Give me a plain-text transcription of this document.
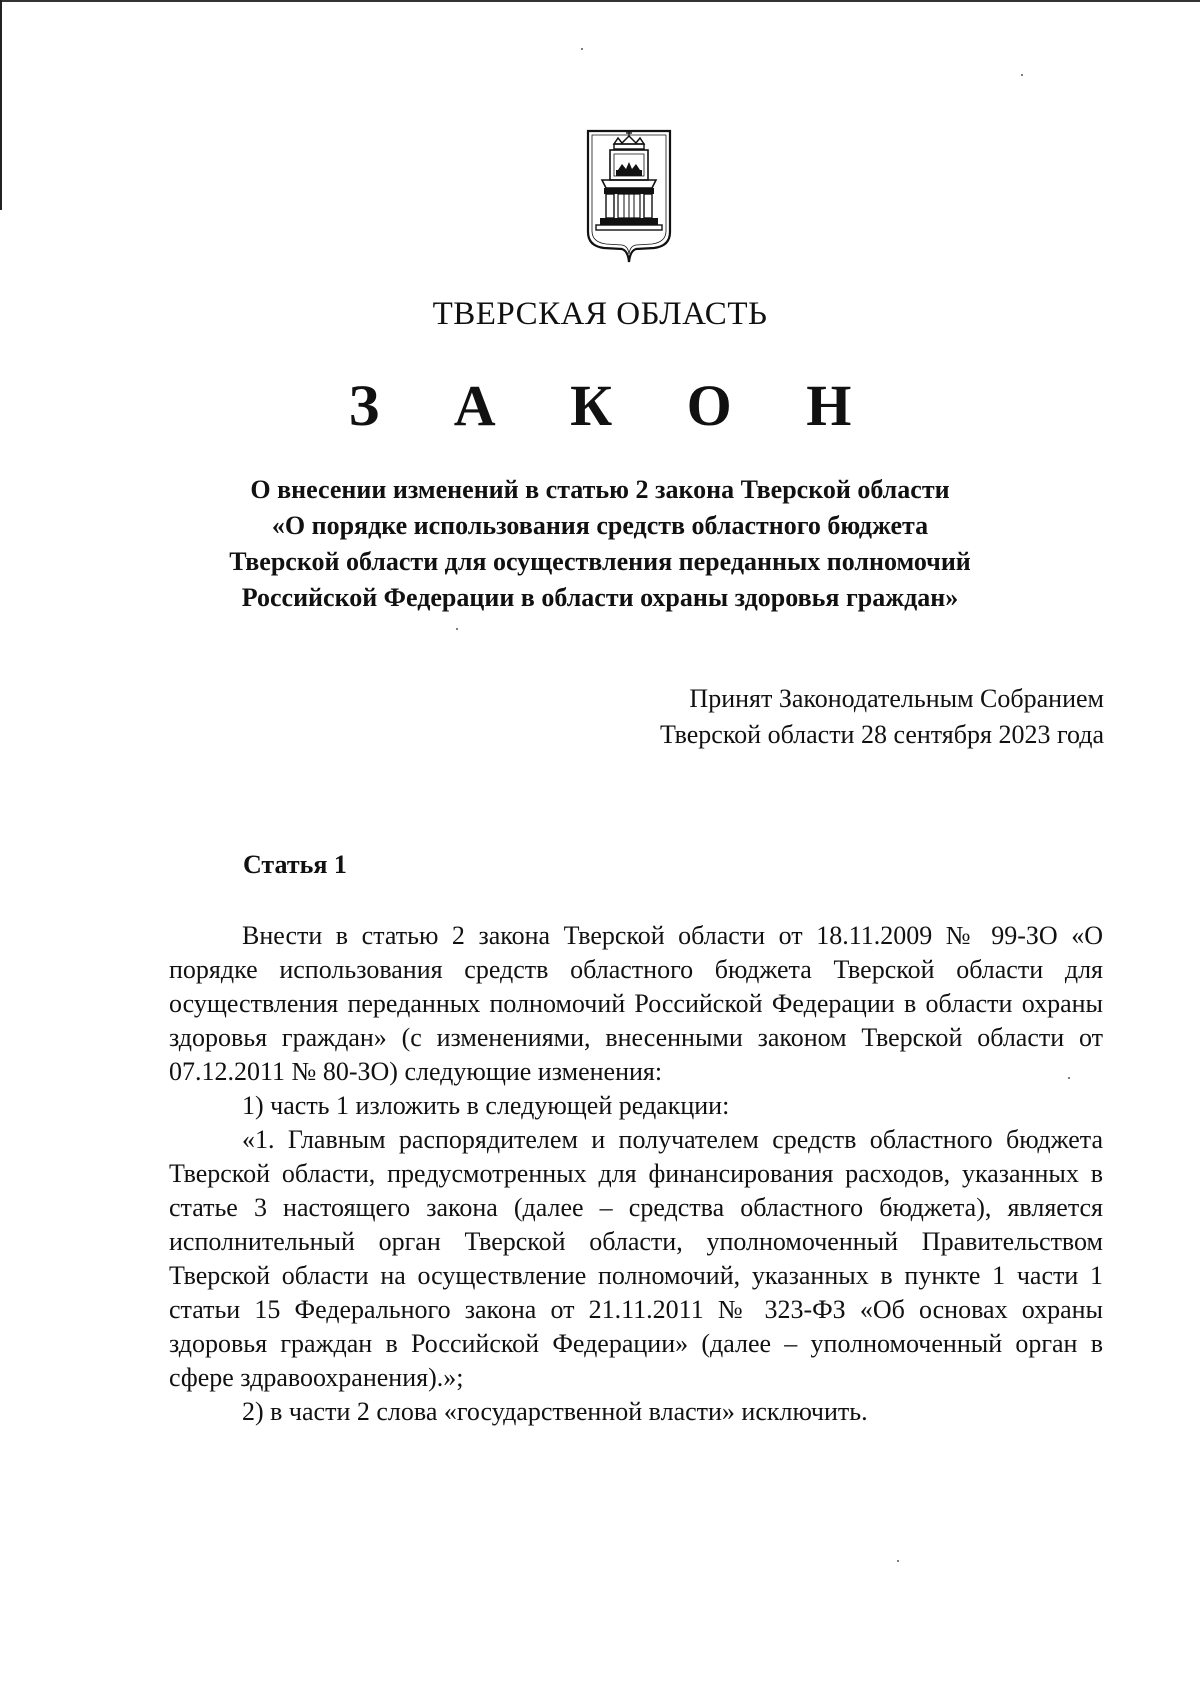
ТВЕРСКАЯ ОБЛАСТЬ
З А К О Н
О внесении изменений в статью 2 закона Тверской области
«О порядке использования средств областного бюджета
Тверской области для осуществления переданных полномочий
Российской Федерации в области охраны здоровья граждан»
Принят Законодательным Собранием
Тверской области 28 сентября 2023 года
Статья 1

Внести в статью 2 закона Тверской области от 18.11.2009 № 99-ЗО «О порядке использования средств областного бюджета Тверской области для осуществления переданных полномочий Российской Федерации в области охраны здоровья граждан» (с изменениями, внесенными законом Тверской области от 07.12.2011 № 80-ЗО) следующие изменения:

1) часть 1 изложить в следующей редакции:

«1. Главным распорядителем и получателем средств областного бюджета Тверской области, предусмотренных для финансирования расходов, указанных в статье 3 настоящего закона (далее – средства областного бюджета), является исполнительный орган Тверской области, уполномоченный Правительством Тверской области на осуществление полномочий, указанных в пункте 1 части 1 статьи 15 Федерального закона от 21.11.2011 № 323-ФЗ «Об основах охраны здоровья граждан в Российской Федерации» (далее – уполномоченный орган в сфере здравоохранения).»;

2) в части 2 слова «государственной власти» исключить.
